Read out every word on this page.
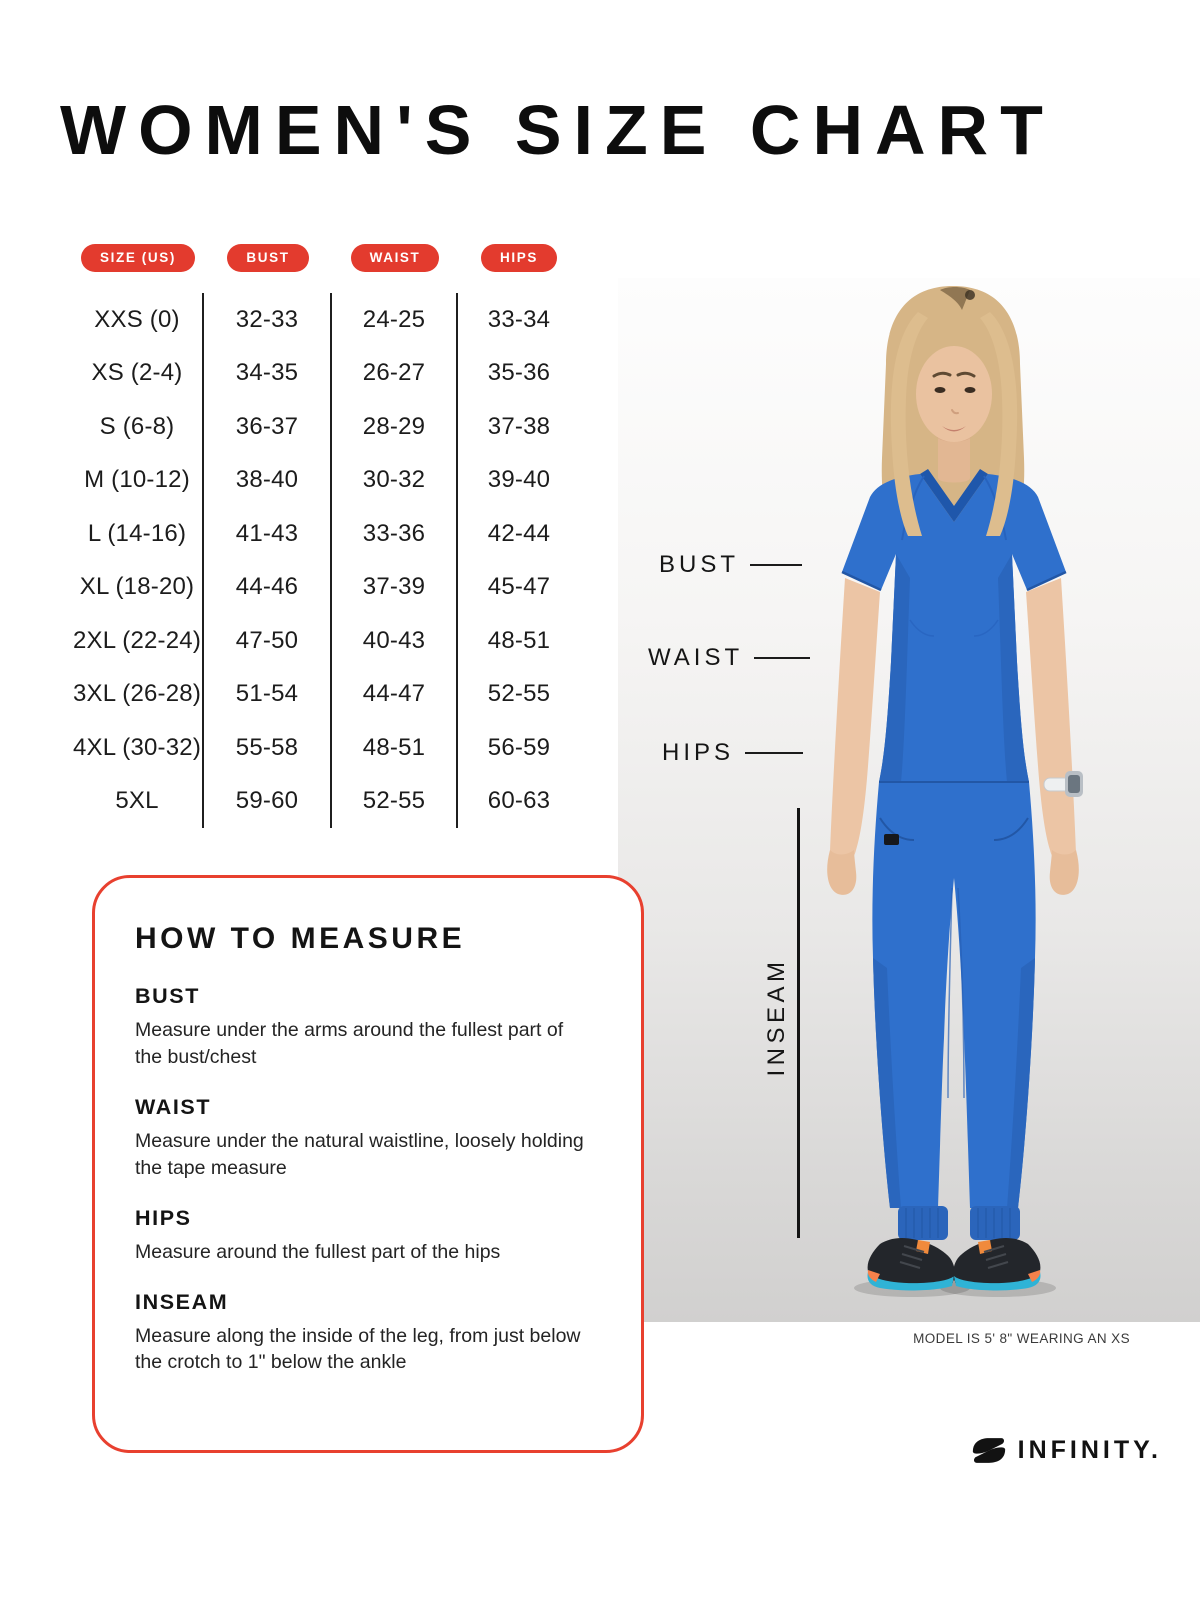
WOMEN'S SIZE CHART
SIZE (US)	BUST	WAIST	HIPS
XXS (0)	32-33	24-25	33-34
XS (2-4)	34-35	26-27	35-36
S (6-8)	36-37	28-29	37-38
M (10-12)	38-40	30-32	39-40
L (14-16)	41-43	33-36	42-44
XL (18-20)	44-46	37-39	45-47
2XL (22-24)	47-50	40-43	48-51
3XL (26-28)	51-54	44-47	52-55
4XL (30-32)	55-58	48-51	56-59
5XL	59-60	52-55	60-63
HOW TO MEASURE
BUST
Measure under the arms around the fullest part of the bust/chest
WAIST
Measure under the natural waistline, loosely holding the tape measure
HIPS
Measure around the fullest part of the hips
INSEAM
Measure along the inside of the leg, from just below the crotch to 1" below the ankle
BUST
WAIST
HIPS
INSEAM
MODEL IS 5' 8" WEARING AN XS
INFINITY.
